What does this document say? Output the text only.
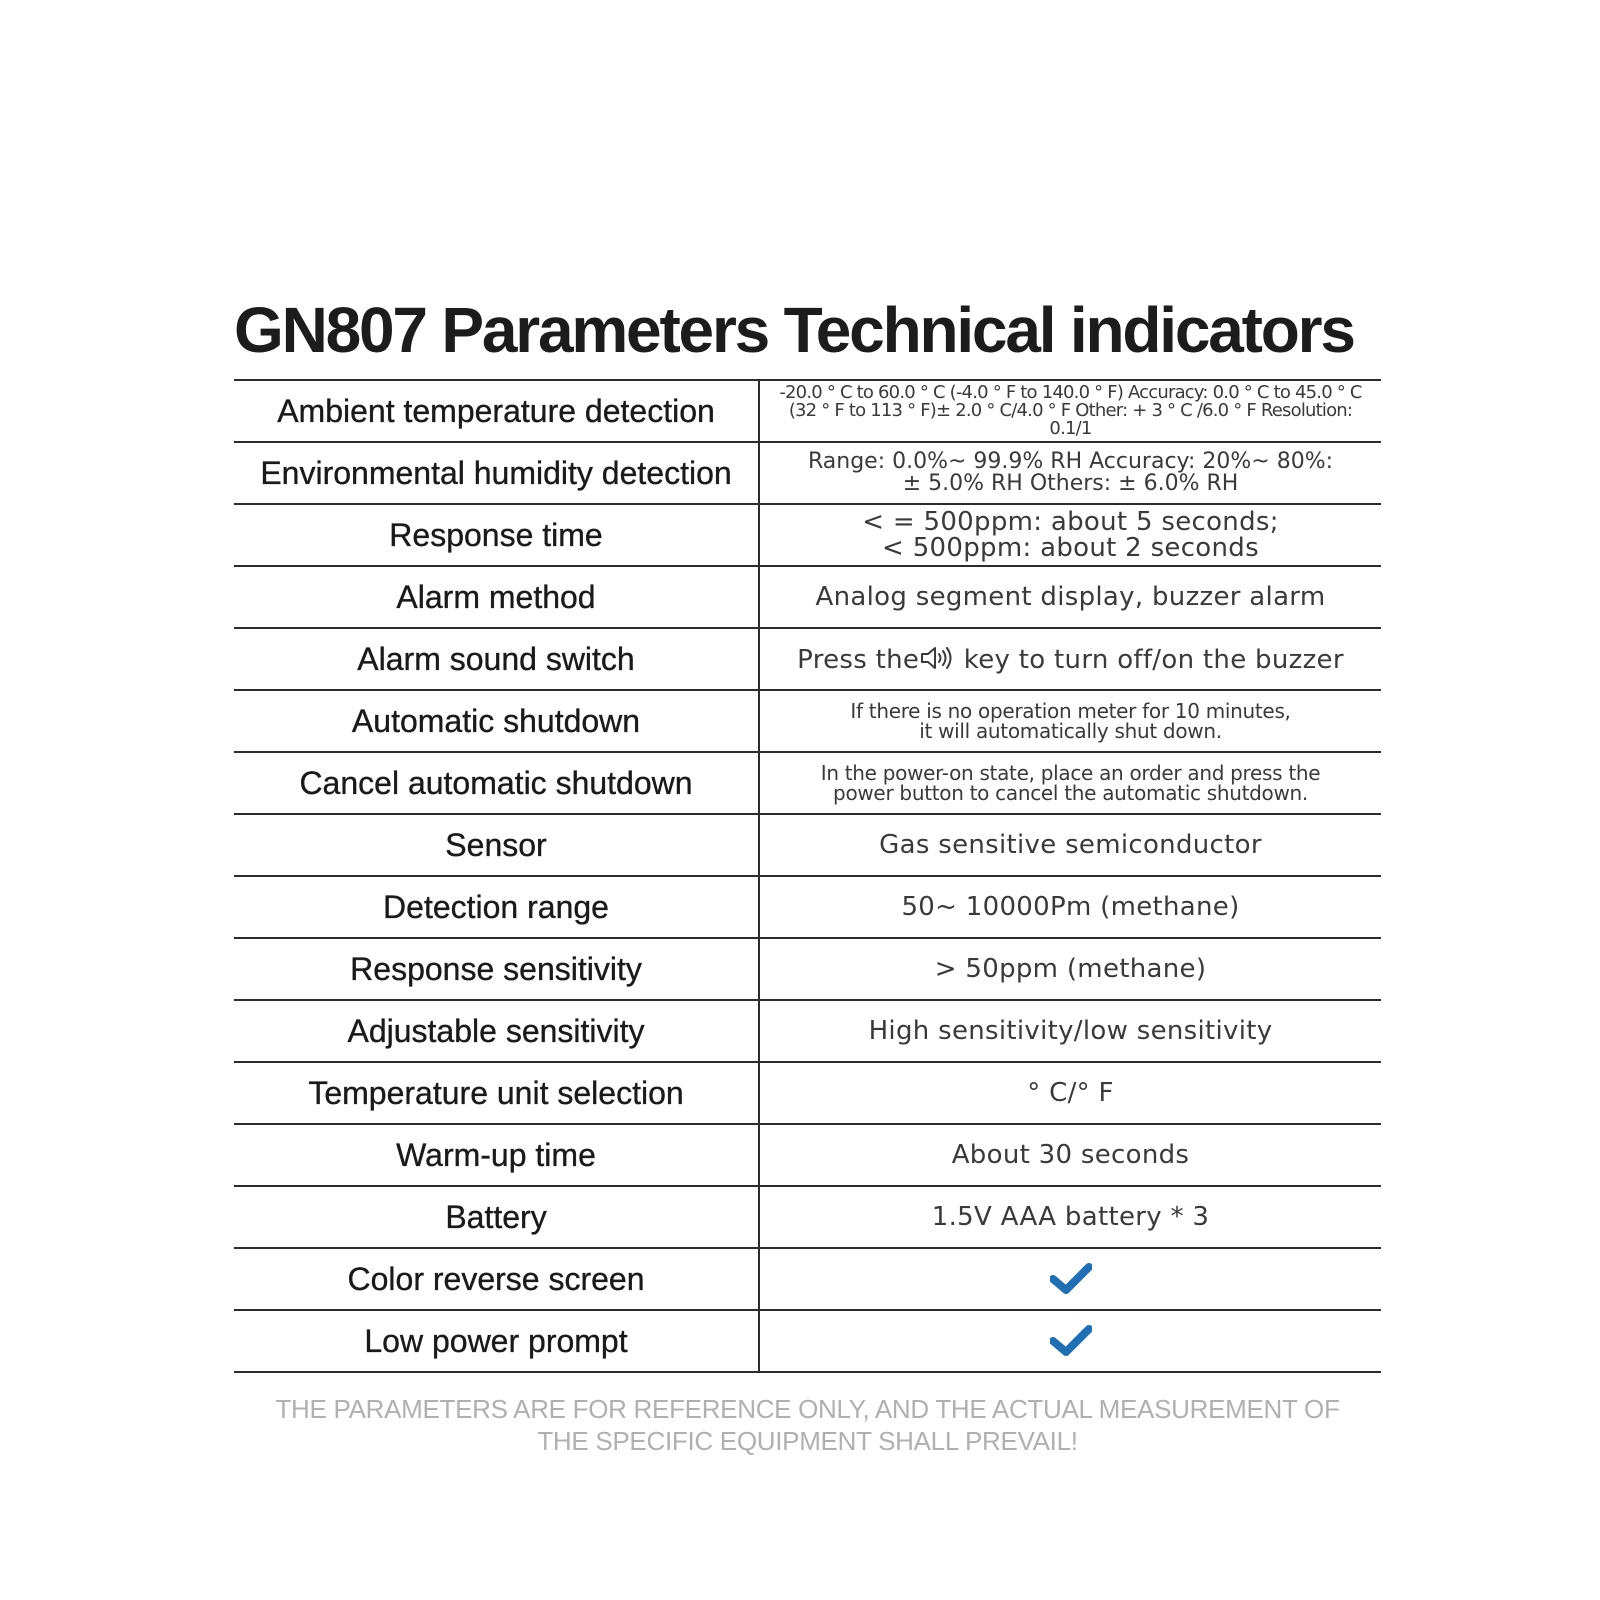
GN807 Parameters Technical indicators
Ambient temperature detection	-20.0 ° C to 60.0 ° C (-4.0 ° F to 140.0 ° F) Accuracy: 0.0 ° C to 45.0 ° C
(32 ° F to 113 ° F)± 2.0 ° C/4.0 ° F Other: + 3 ° C /6.0 ° F Resolution: 0.1/1

Environmental humidity detection	Range: 0.0%~ 99.9% RH Accuracy: 20%~ 80%:
± 5.0% RH Others: ± 6.0% RH

Response time	< = 500ppm: about 5 seconds;
< 500ppm: about 2 seconds

Alarm method	Analog segment display, buzzer alarm
Alarm sound switch	Press the key to turn off/on the buzzer
Automatic shutdown	If there is no operation meter for 10 minutes,
it will automatically shut down.

Cancel automatic shutdown	In the power-on state, place an order and press the
power button to cancel the automatic shutdown.

Sensor	Gas sensitive semiconductor
Detection range	50~ 10000Pm (methane)
Response sensitivity	> 50ppm (methane)
Adjustable sensitivity	High sensitivity/low sensitivity
Temperature unit selection	° C/° F
Warm-up time	About 30 seconds
Battery	1.5V AAA battery * 3
Color reverse screen	
Low power prompt	
THE PARAMETERS ARE FOR REFERENCE ONLY, AND THE ACTUAL MEASUREMENT OF
THE SPECIFIC EQUIPMENT SHALL PREVAIL!
